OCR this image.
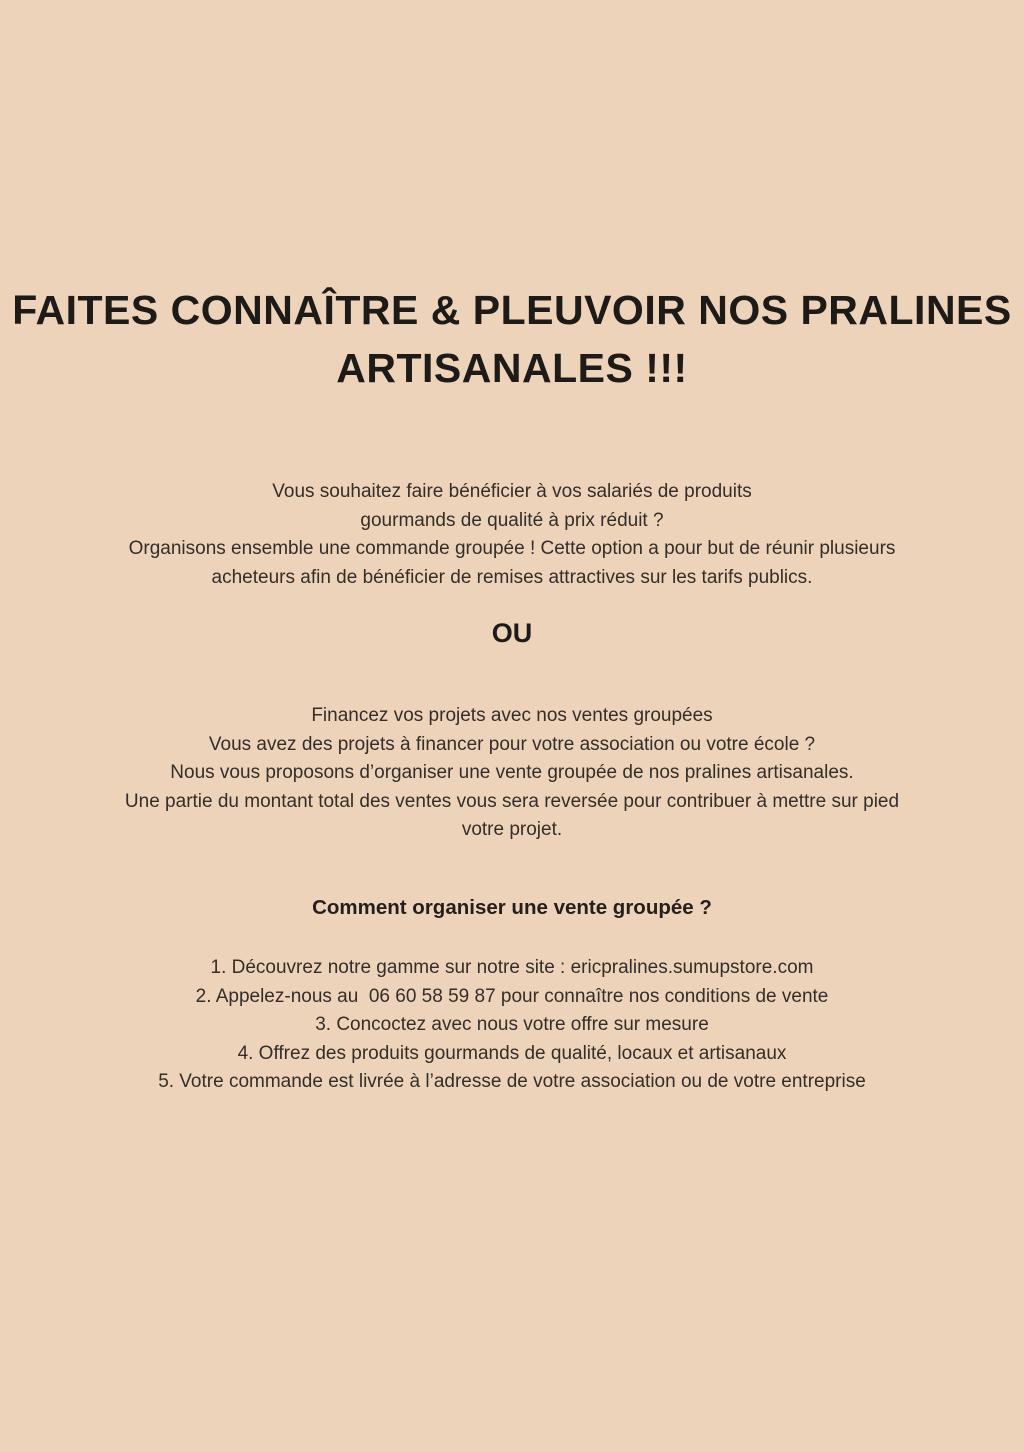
FAITES CONNAÎTRE & PLEUVOIR NOS PRALINES
ARTISANALES !!!
Vous souhaitez faire bénéficier à vos salariés de produits
gourmands de qualité à prix réduit ?
Organisons ensemble une commande groupée ! Cette option a pour but de réunir plusieurs
acheteurs afin de bénéficier de remises attractives sur les tarifs publics.
OU
Financez vos projets avec nos ventes groupées
Vous avez des projets à financer pour votre association ou votre école ?
Nous vous proposons d’organiser une vente groupée de nos pralines artisanales.
Une partie du montant total des ventes vous sera reversée pour contribuer à mettre sur pied
votre projet.
Comment organiser une vente groupée ?
1. Découvrez notre gamme sur notre site : ericpralines.sumupstore.com
2. Appelez-nous au  06 60 58 59 87 pour connaître nos conditions de vente
3. Concoctez avec nous votre offre sur mesure
4. Offrez des produits gourmands de qualité, locaux et artisanaux
5. Votre commande est livrée à l’adresse de votre association ou de votre entreprise
